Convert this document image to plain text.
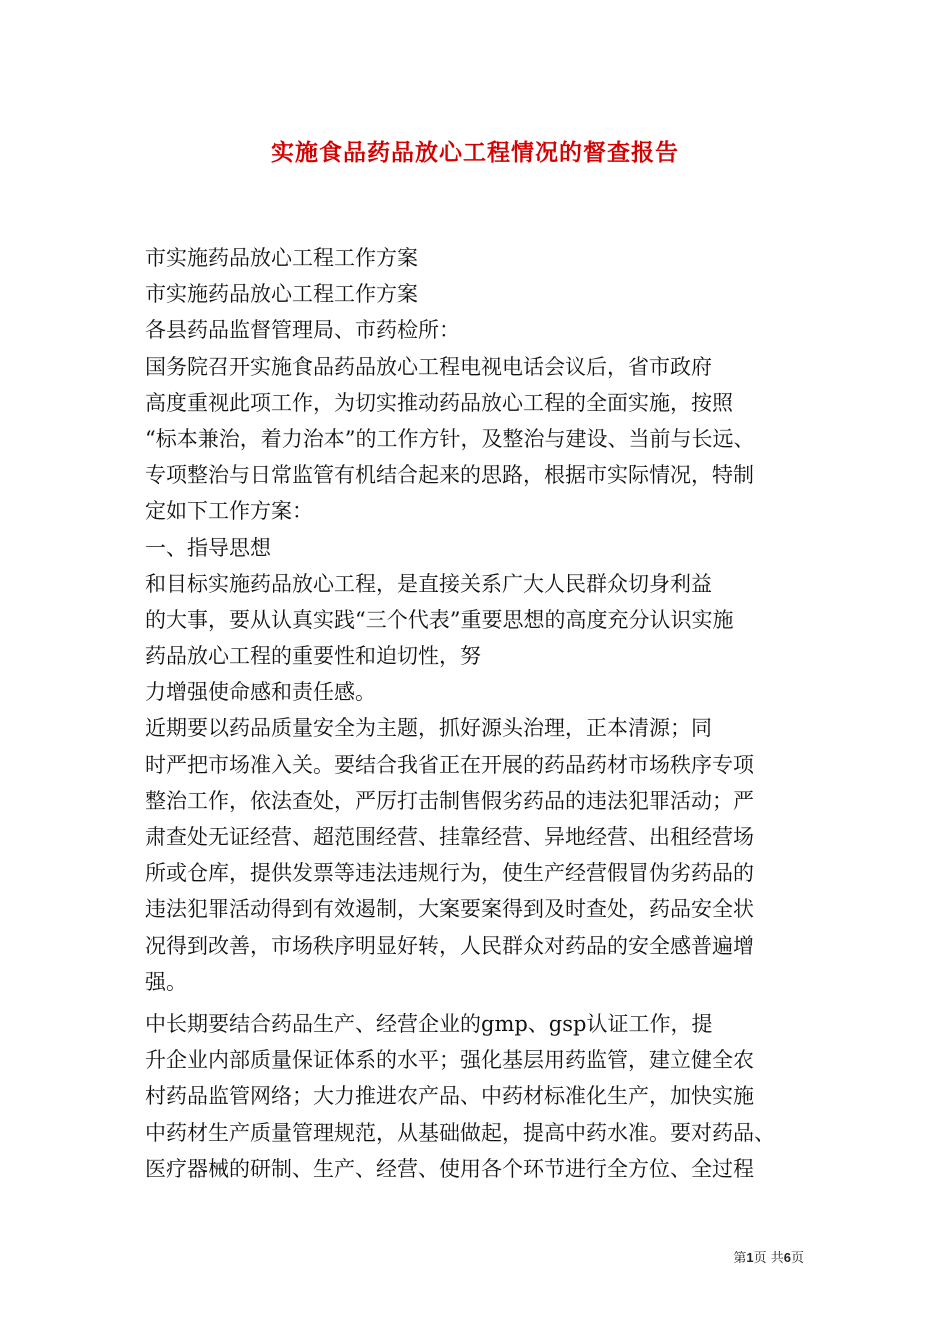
实施食品药品放心工程情况的督查报告
市实施药品放心工程工作方案
市实施药品放心工程工作方案
各县药品监督管理局、市药检所：
国务院召开实施食品药品放心工程电视电话会议后，省市政府
高度重视此项工作，为切实推动药品放心工程的全面实施，按照
“标本兼治，着力治本”的工作方针，及整治与建设、当前与长远、
专项整治与日常监管有机结合起来的思路，根据市实际情况，特制
定如下工作方案：
一、指导思想
和目标实施药品放心工程，是直接关系广大人民群众切身利益
的大事，要从认真实践“三个代表”重要思想的高度充分认识实施
药品放心工程的重要性和迫切性，努
力增强使命感和责任感。
近期要以药品质量安全为主题，抓好源头治理，正本清源；同
时严把市场准入关。要结合我省正在开展的药品药材市场秩序专项
整治工作，依法查处，严厉打击制售假劣药品的违法犯罪活动；严
肃查处无证经营、超范围经营、挂靠经营、异地经营、出租经营场
所或仓库，提供发票等违法违规行为，使生产经营假冒伪劣药品的
违法犯罪活动得到有效遏制，大案要案得到及时查处，药品安全状
况得到改善，市场秩序明显好转，人民群众对药品的安全感普遍增
强。
中长期要结合药品生产、经营企业的gmp、gsp认证工作，提
升企业内部质量保证体系的水平；强化基层用药监管，建立健全农
村药品监管网络；大力推进农产品、中药材标准化生产，加快实施
中药材生产质量管理规范，从基础做起，提高中药水准。要对药品、
医疗器械的研制、生产、经营、使用各个环节进行全方位、全过程
第1页 共6页
